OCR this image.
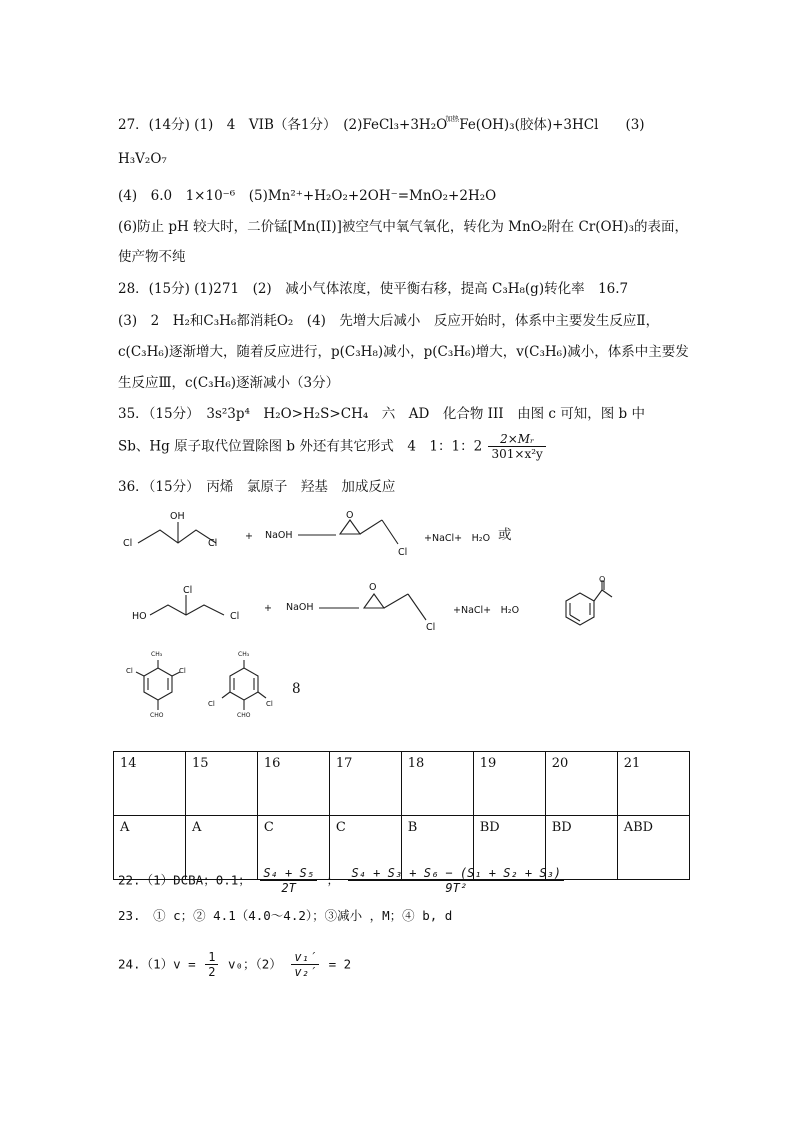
27．(14分) (1)　4　VIB（各1分）　$(2)FeCl_3+3H_2O^{加热}Fe(OH)_3$(胶体)+3HCl　　(3)
H₃V₂O₇
(4)　6.0　1×10⁻⁶　(5)Mn²⁺+H₂O₂+2OH⁻=MnO₂+2H₂O
(6)防止 pH 较大时，二价锰[Mn(II)]被空气中氧气氧化，转化为 MnO₂附在 Cr(OH)₃的表面，
使产物不纯
28．(15分) (1)271　(2)　减小气体浓度，使平衡右移，提高 C₃H₈(g)转化率　16.7
(3)　2　H₂和C₃H₆都消耗O₂　(4)　先增大后减小　反应开始时，体系中主要发生反应Ⅱ，
c(C₃H₆)逐渐增大，随着反应进行，p(C₃H₈)减小，p(C₃H₆)增大，v(C₃H₆)减小，体系中主要发
生反应Ⅲ，c(C₃H₆)逐渐减小（3分）
35．（15分）　3s²3p⁴　H₂O>H₂S>CH₄　六　AD　化合物 III　由图 c 可知，图 b 中
Sb、Hg 原子取代位置除图 b 外还有其它形式　4　1：1：$2 \frac{\text{2×Mᵣ}}{\text{301×x²y}}$
36．（15分）　丙烯　氯原子　羟基　加成反应
OH
Cl	Cl
+ NaOH
O
Cl
+NaCl+　H₂O 或
HO
Cl
Cl
+ NaOH
O
Cl
+NaCl+　H₂O
O
CH₃
Cl	Cl
CHO
CH₃
Cl	Cl
CHO
8
14	15	16	17	18	19	20	21
A	A	C	C	B	BD	BD	ABD
22.（1）DCBA；0.1； $\frac{\text{S₄ + S₅}}{2T}$ ； $\frac{\text{S₄ + S₃ + S₆ − (S₁ + S₂ + S₃)}}{\text{9T²}}$
23.　① c；② 4.1（4.0～4.2）；③减小 ，M；④ b, d
$24.(1)v = \frac{1}{2} v_0$；$(2) \frac{\text{v₁′}}{\text{v₂′}} = 2$
